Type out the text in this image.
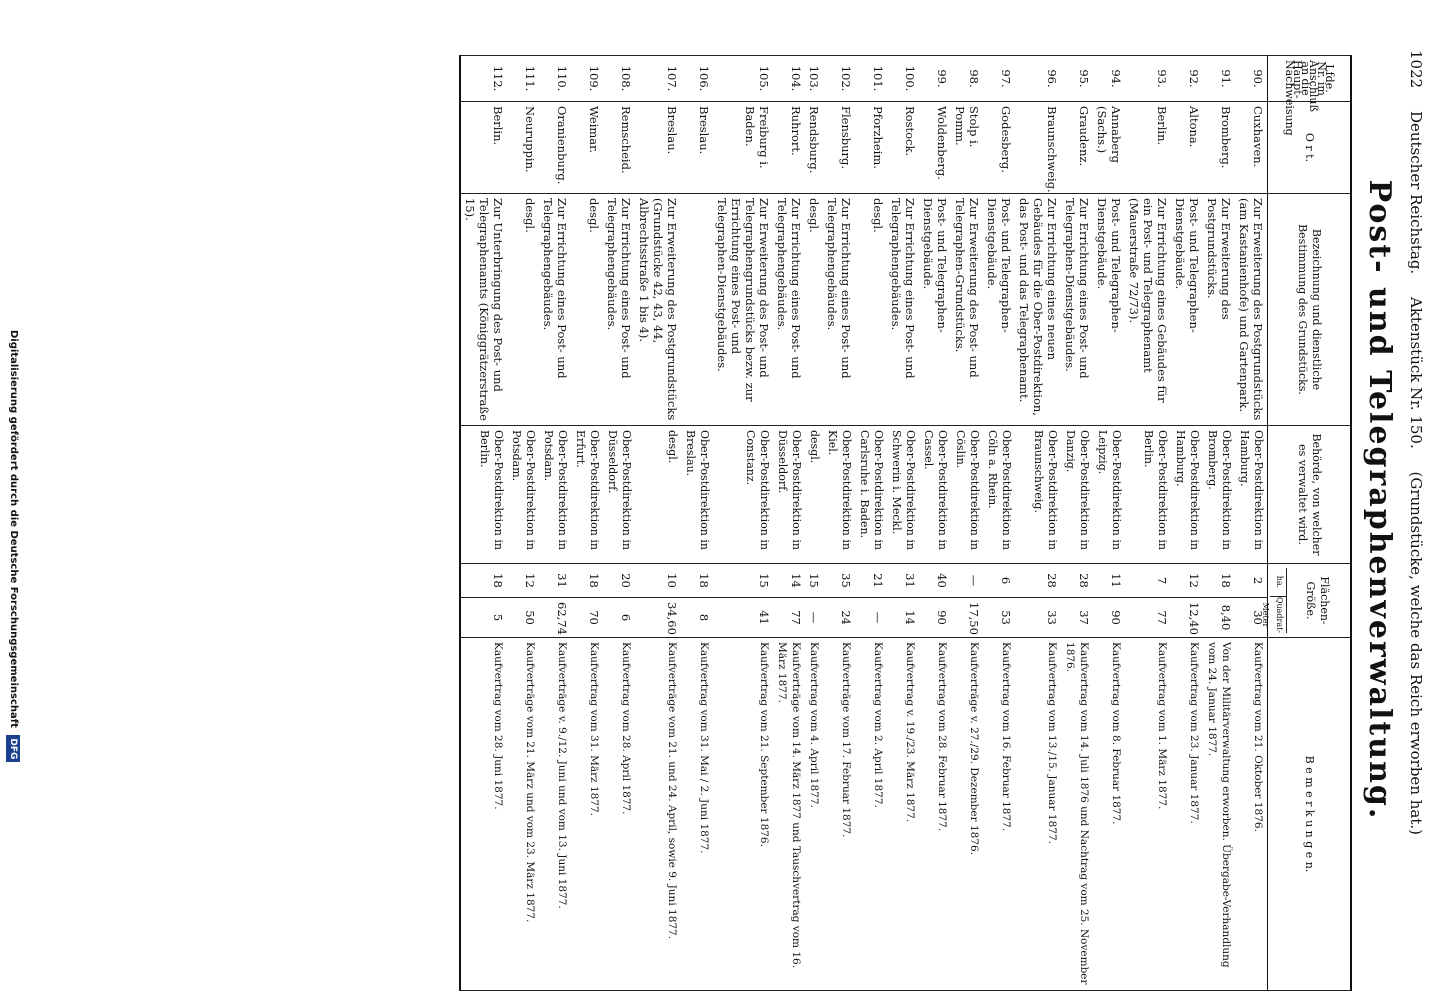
1022 Deutscher Reichstag. Aktenstück Nr. 150. (Grundstücke, welche das Reich erworben hat.)
Post- und Telegraphenverwaltung.
Lfde. Nr. im Anschluß an die Haupt-Nachweisung	O r t.	Bezeichnung und dienstliche Bestimmung des Grundstücks.	Behörde, von welcher es verwaltet wird.	Flächen-Größe.
ha.
Quadrat-Meter		B e m e r k u n g e n.
90.	Cuxhaven.	Zur Erweiterung des Postgrundstücks (am Kastanienhofe) und Gartenpark.	Ober-Postdirektion in Hamburg.	2	30	Kaufvertrag vom 21. Oktober 1876.
91.	Bromberg.	Zur Erweiterung des Postgrundstücks.	Ober-Postdirektion in Bromberg.	18	8,40	Von der Militärverwaltung erworben. Übergabe-Verhandlung vom 24. Januar 1877.
92.	Altona.	Post- und Telegraphen-Dienstgebäude.	Ober-Postdirektion in Hamburg.	12	12,40	Kaufvertrag vom 23. Januar 1877.
93.	Berlin.	Zur Errichtung eines Gebäudes für ein Post- und Telegraphenamt (Mauerstraße 72/73).	Ober-Postdirektion in Berlin.	7	77	Kaufvertrag vom 1. März 1877.
94.	Annaberg (Sachs.)	Post- und Telegraphen-Dienstgebäude.	Ober-Postdirektion in Leipzig.	11	90	Kaufvertrag vom 8. Februar 1877.
95.	Graudenz.	Zur Errichtung eines Post- und Telegraphen-Dienstgebäudes.	Ober-Postdirektion in Danzig.	28	37	Kaufvertrag vom 14. Juli 1876 und Nachtrag vom 25. November 1876.
96.	Braunschweig.	Zur Errichtung eines neuen Gebäudes für die Ober-Postdirektion, das Post- und das Telegraphenamt.	Ober-Postdirektion in Braunschweig.	28	33	Kaufvertrag vom 13./15. Januar 1877.
97.	Godesberg.	Post- und Telegraphen-Dienstgebäude.	Ober-Postdirektion in Cöln a. Rhein.	6	53	Kaufvertrag vom 16. Februar 1877.
98.	Stolp i. Pomm.	Zur Erweiterung des Post- und Telegraphen-Grundstücks.	Ober-Postdirektion in Cöslin.	—	17,50	Kaufverträge v. 27./29. Dezember 1876.
99.	Woldenberg.	Post- und Telegraphen-Dienstgebäude.	Ober-Postdirektion in Cassel.	40	90	Kaufvertrag vom 28. Februar 1877.
100.	Rostock.	Zur Errichtung eines Post- und Telegraphengebäudes.	Ober-Postdirektion in Schwerin i. Meckl.	31	14	Kaufvertrag v. 19./23. März 1877.
101.	Pforzheim.	desgl.	Ober-Postdirektion in Carlsruhe i. Baden.	21	—	Kaufvertrag vom 2. April 1877.
102.	Flensburg.	Zur Errichtung eines Post- und Telegraphengebäudes.	Ober-Postdirektion in Kiel.	35	24	Kaufverträge vom 17. Februar 1877.
103.	Rendsburg.	desgl.	desgl.	15	—	Kaufvertrag vom 4. April 1877.
104.	Ruhrort.	Zur Errichtung eines Post- und Telegraphengebäudes.	Ober-Postdirektion in Düsseldorf.	14	77	Kaufverträge vom 14. März 1877 und Tauschvertrag vom 16. März 1877.
105.	Freiburg i. Baden.	Zur Erweiterung des Post- und Telegraphengrundstücks bezw. zur Errichtung eines Post- und Telegraphen-Dienstgebäudes.	Ober-Postdirektion in Constanz.	15	41	Kaufvertrag vom 21. September 1876.
106.	Breslau.		Ober-Postdirektion in Breslau.	18	8	Kaufvertrag vom 31. Mai / 2. Juni 1877.
107.	Breslau.	Zur Erweiterung des Postgrundstücks (Grundstücke 42, 43, 44, Albrechtsstraße 1 bis 4).	desgl.	10	34,60	Kaufverträge vom 21. und 24. April, sowie 9. Juni 1877.
108.	Remscheid.	Zur Errichtung eines Post- und Telegraphengebäudes.	Ober-Postdirektion in Düsseldorf.	20	6	Kaufvertrag vom 28. April 1877.
109.	Weimar.	desgl.	Ober-Postdirektion in Erfurt.	18	70	Kaufvertrag vom 31. März 1877.
110.	Oranienburg.	Zur Errichtung eines Post- und Telegraphengebäudes.	Ober-Postdirektion in Potsdam.	31	62,74	Kaufverträge v. 9./12. Juni und vom 13. Juni 1877.
111.	Neuruppin.	desgl.	Ober-Postdirektion in Potsdam.	12	50	Kaufverträge vom 21. März und vom 23. März 1877.
112.	Berlin.	Zur Unterbringung des Post- und Telegraphenamts (Königgrätzerstraße 15).	Ober-Postdirektion in Berlin.	18	5	Kaufvertrag vom 28. Juni 1877.
Digitalisierung gefördert durch die Deutsche Forschungsgemeinschaft DFG
